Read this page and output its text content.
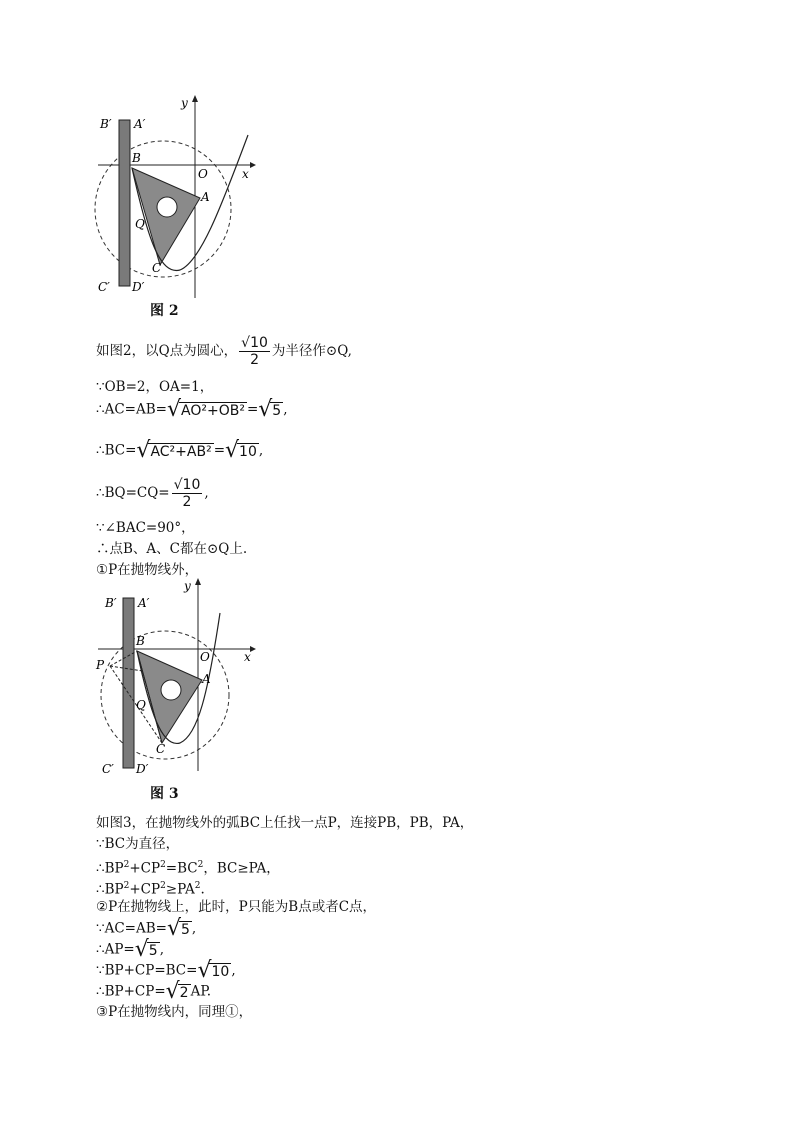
B′ A′
B
O
A
Q
C
C′ D′
x
y
图 2
如图2，以Q点为圆心， $\frac{√10}{2}$ 为半径作⊙Q,
∵OB=2，OA=1，
∴AC=AB=√AO²+OB² =√5 ,
∴BC=√AC²+AB² =√10 ,
∴BQ=CQ= $\frac{√10}{2}$ ,
∵∠BAC=90°，
∴点B、A、C都在⊙Q上.
①P在抛物线外，
B′ A′
B
O
A
P
Q
C
C′ D′
x
y
图 3
如图3，在抛物线外的弧BC上任找一点P，连接PB，PB，PA，
∵BC为直径，
$\therefore BP^2+CP^2=BC^2$，BC≥PA，
$\therefore BP^2+CP^2\ge PA^2$.
②P在抛物线上，此时，P只能为B点或者C点，
∵AC=AB=√5 ,
∴AP=√5 ,
∵BP+CP=BC=√10 ,
∴BP+CP=√2 AP.
③P在抛物线内，同理①，
